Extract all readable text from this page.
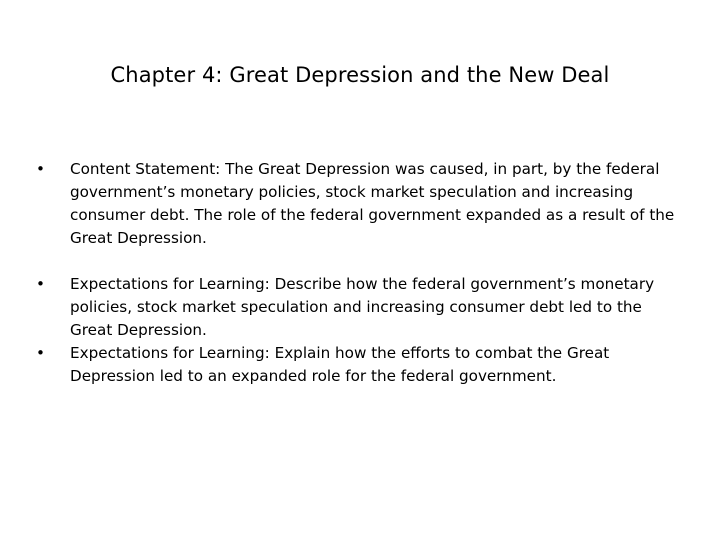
Chapter 4: Great Depression and the New Deal
•	Content Statement: The Great Depression was caused, in part, by the federal government’s monetary policies, stock market speculation and increasing consumer debt. The role of the federal government expanded as a result of the Great Depression.
•	Expectations for Learning: Describe how the federal government’s monetary policies, stock market speculation and increasing consumer debt led to the Great Depression.
•	Expectations for Learning: Explain how the efforts to combat the Great Depression led to an expanded role for the federal government.
